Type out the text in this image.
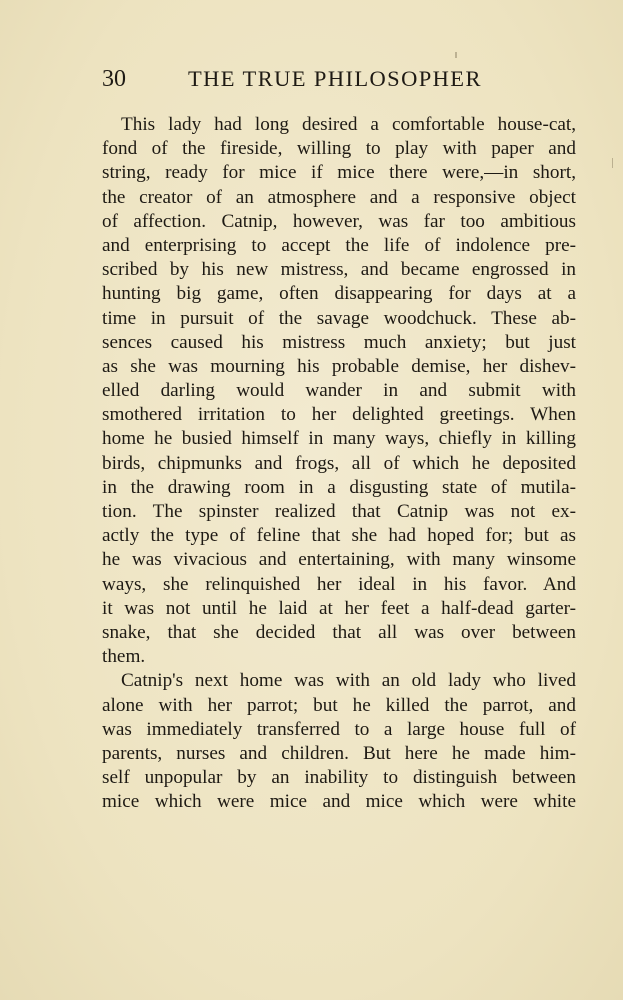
30	THE TRUE PHILOSOPHER
This lady had long desired a comfortable house-cat,
fond of the fireside, willing to play with paper and
string, ready for mice if mice there were,—in short,
the creator of an atmosphere and a responsive object
of affection. Catnip, however, was far too ambitious
and enterprising to accept the life of indolence pre-
scribed by his new mistress, and became engrossed in
hunting big game, often disappearing for days at a
time in pursuit of the savage woodchuck. These ab-
sences caused his mistress much anxiety; but just
as she was mourning his probable demise, her dishev-
elled darling would wander in and submit with
smothered irritation to her delighted greetings. When
home he busied himself in many ways, chiefly in killing
birds, chipmunks and frogs, all of which he deposited
in the drawing room in a disgusting state of mutila-
tion. The spinster realized that Catnip was not ex-
actly the type of feline that she had hoped for; but as
he was vivacious and entertaining, with many winsome
ways, she relinquished her ideal in his favor. And
it was not until he laid at her feet a half-dead garter-
snake, that she decided that all was over between
them.
Catnip's next home was with an old lady who lived
alone with her parrot; but he killed the parrot, and
was immediately transferred to a large house full of
parents, nurses and children. But here he made him-
self unpopular by an inability to distinguish between
mice which were mice and mice which were white
